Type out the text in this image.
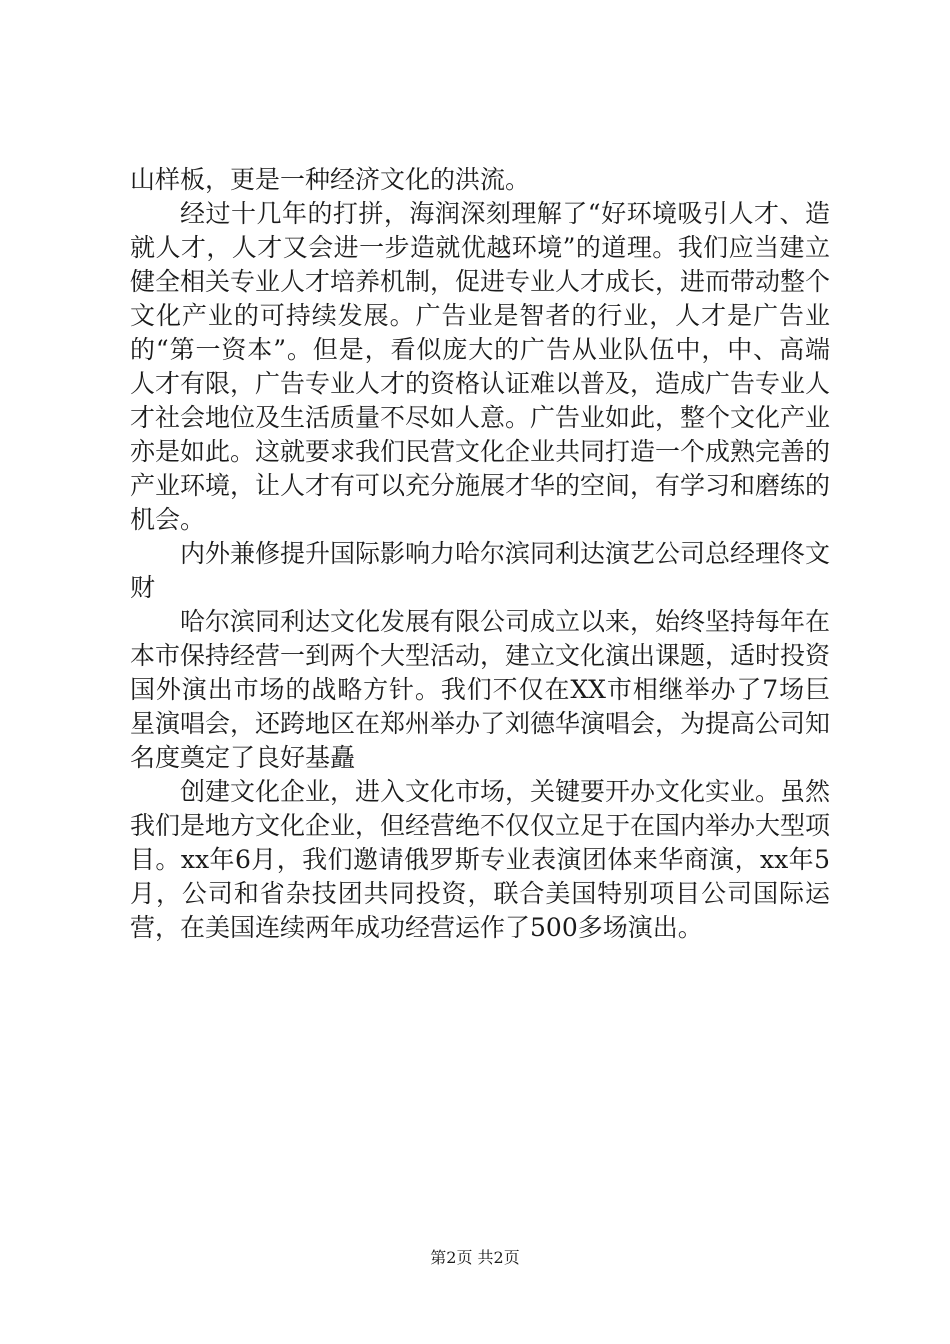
山样板，更是一种经济文化的洪流。

经过十几年的打拼，海润深刻理解了“好环境吸引人才、造就人才，人才又会进一步造就优越环境”的道理。我们应当建立健全相关专业人才培养机制，促进专业人才成长，进而带动整个文化产业的可持续发展。广告业是智者的行业，人才是广告业的“第一资本”。但是，看似庞大的广告从业队伍中，中、高端人才有限，广告专业人才的资格认证难以普及，造成广告专业人才社会地位及生活质量不尽如人意。广告业如此，整个文化产业亦是如此。这就要求我们民营文化企业共同打造一个成熟完善的产业环境，让人才有可以充分施展才华的空间，有学习和磨练的机会。

内外兼修提升国际影响力哈尔滨同利达演艺公司总经理佟文财

哈尔滨同利达文化发展有限公司成立以来，始终坚持每年在本市保持经营一到两个大型活动，建立文化演出课题，适时投资国外演出市场的战略方针。我们不仅在XX市相继举办了7场巨星演唱会，还跨地区在郑州举办了刘德华演唱会，为提高公司知名度奠定了良好基矗

创建文化企业，进入文化市场，关键要开办文化实业。虽然我们是地方文化企业，但经营绝不仅仅立足于在国内举办大型项目。xx年6月，我们邀请俄罗斯专业表演团体来华商演，xx年5月，公司和省杂技团共同投资，联合美国特别项目公司国际运营，在美国连续两年成功经营运作了500多场演出。

第2页 共2页
